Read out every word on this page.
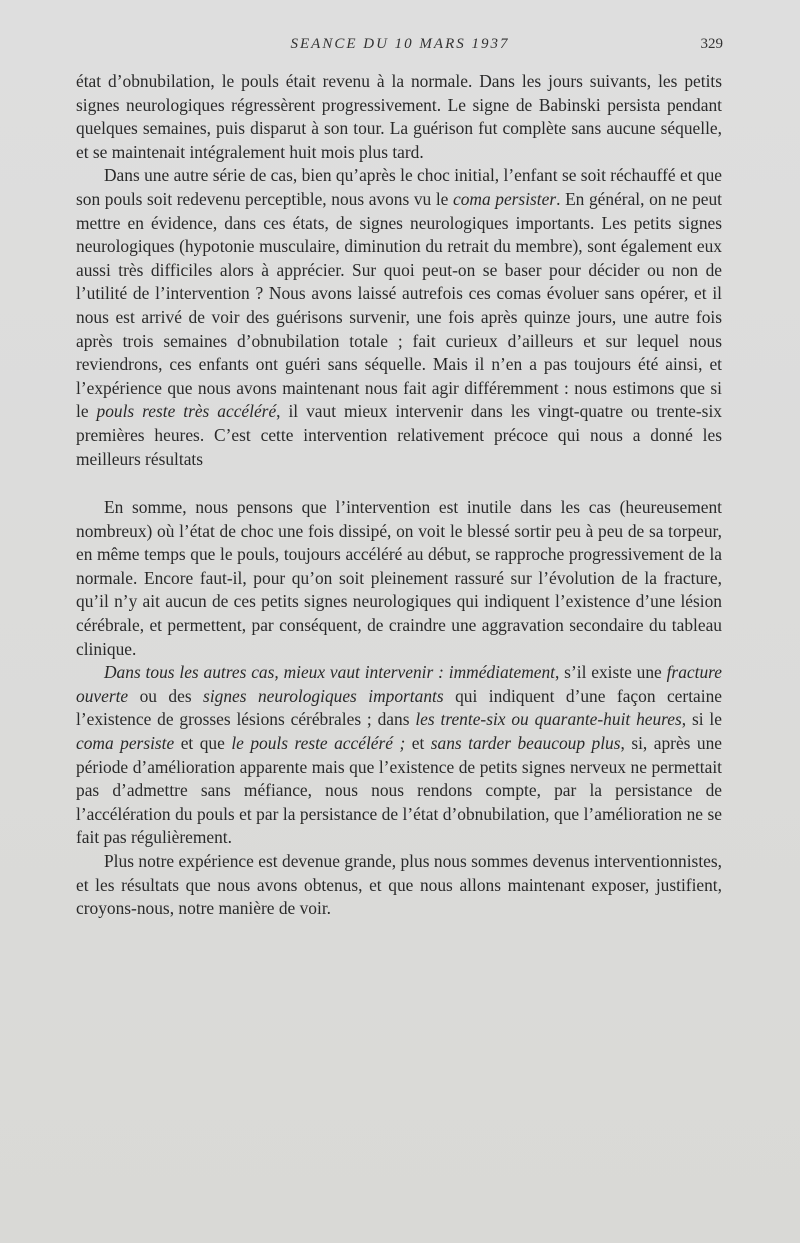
SEANCE DU 10 MARS 1937	329

état d’obnubilation, le pouls était revenu à la normale. Dans les jours suivants, les petits signes neurologiques régressèrent progressivement. Le signe de Babinski persista pendant quelques semaines, puis disparut à son tour. La guérison fut complète sans aucune séquelle, et se maintenait intégralement huit mois plus tard.

Dans une autre série de cas, bien qu’après le choc initial, l’enfant se soit réchauffé et que son pouls soit redevenu perceptible, nous avons vu le coma persister. En général, on ne peut mettre en évidence, dans ces états, de signes neurologiques importants. Les petits signes neurologiques (hypotonie musculaire, diminution du retrait du membre), sont également eux aussi très difficiles alors à apprécier. Sur quoi peut-on se baser pour décider ou non de l’utilité de l’intervention ? Nous avons laissé autrefois ces comas évoluer sans opérer, et il nous est arrivé de voir des guérisons survenir, une fois après quinze jours, une autre fois après trois semaines d’obnubilation totale ; fait curieux d’ailleurs et sur lequel nous reviendrons, ces enfants ont guéri sans séquelle. Mais il n’en a pas toujours été ainsi, et l’expérience que nous avons maintenant nous fait agir différemment : nous estimons que si le pouls reste très accéléré, il vaut mieux intervenir dans les vingt-quatre ou trente-six premières heures. C’est cette intervention relativement précoce qui nous a donné les meilleurs résultats

En somme, nous pensons que l’intervention est inutile dans les cas (heureusement nombreux) où l’état de choc une fois dissipé, on voit le blessé sortir peu à peu de sa torpeur, en même temps que le pouls, toujours accéléré au début, se rapproche progressivement de la normale. Encore faut-il, pour qu’on soit pleinement rassuré sur l’évolution de la fracture, qu’il n’y ait aucun de ces petits signes neurologiques qui indiquent l’existence d’une lésion cérébrale, et permettent, par conséquent, de craindre une aggravation secondaire du tableau clinique.

Dans tous les autres cas, mieux vaut intervenir : immédiatement, s’il existe une fracture ouverte ou des signes neurologiques importants qui indiquent d’une façon certaine l’existence de grosses lésions cérébrales ; dans les trente-six ou quarante-huit heures, si le coma persiste et que le pouls reste accéléré ; et sans tarder beaucoup plus, si, après une période d’amélioration apparente mais que l’existence de petits signes nerveux ne permettait pas d’admettre sans méfiance, nous nous rendons compte, par la persistance de l’accélération du pouls et par la persistance de l’état d’obnubilation, que l’amélioration ne se fait pas régulièrement.

Plus notre expérience est devenue grande, plus nous sommes devenus interventionnistes, et les résultats que nous avons obtenus, et que nous allons maintenant exposer, justifient, croyons-nous, notre manière de voir.
